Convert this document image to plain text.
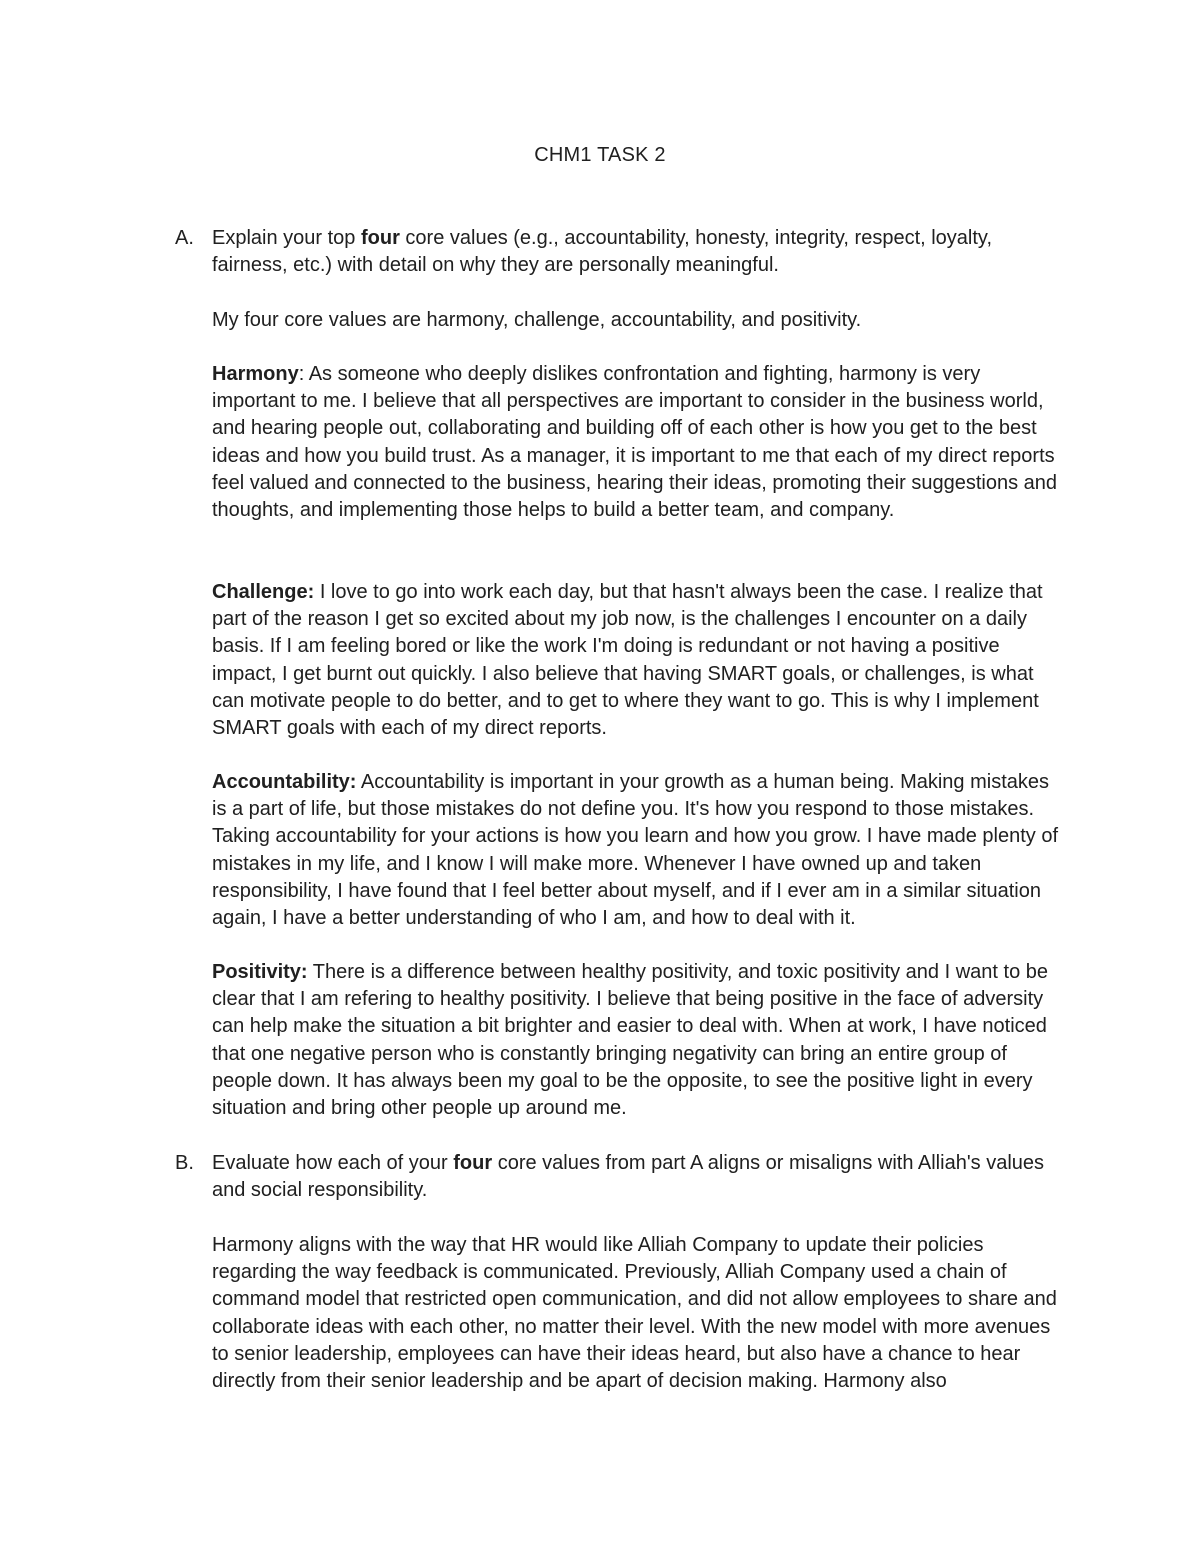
CHM1 TASK 2
A. Explain your top four core values (e.g., accountability, honesty, integrity, respect, loyalty, fairness, etc.) with detail on why they are personally meaningful.

My four core values are harmony, challenge, accountability, and positivity.

Harmony: As someone who deeply dislikes confrontation and fighting, harmony is very important to me. I believe that all perspectives are important to consider in the business world, and hearing people out, collaborating and building off of each other is how you get to the best ideas and how you build trust. As a manager, it is important to me that each of my direct reports feel valued and connected to the business, hearing their ideas, promoting their suggestions and thoughts, and implementing those helps to build a better team, and company.

Challenge: I love to go into work each day, but that hasn't always been the case. I realize that part of the reason I get so excited about my job now, is the challenges I encounter on a daily basis. If I am feeling bored or like the work I'm doing is redundant or not having a positive impact, I get burnt out quickly. I also believe that having SMART goals, or challenges, is what can motivate people to do better, and to get to where they want to go. This is why I implement SMART goals with each of my direct reports.

Accountability: Accountability is important in your growth as a human being. Making mistakes is a part of life, but those mistakes do not define you. It's how you respond to those mistakes. Taking accountability for your actions is how you learn and how you grow. I have made plenty of mistakes in my life, and I know I will make more. Whenever I have owned up and taken responsibility, I have found that I feel better about myself, and if I ever am in a similar situation again, I have a better understanding of who I am, and how to deal with it.

Positivity: There is a difference between healthy positivity, and toxic positivity and I want to be clear that I am refering to healthy positivity. I believe that being positive in the face of adversity can help make the situation a bit brighter and easier to deal with. When at work, I have noticed that one negative person who is constantly bringing negativity can bring an entire group of people down. It has always been my goal to be the opposite, to see the positive light in every situation and bring other people up around me.

B. Evaluate how each of your four core values from part A aligns or misaligns with Alliah's values and social responsibility.

Harmony aligns with the way that HR would like Alliah Company to update their policies regarding the way feedback is communicated. Previously, Alliah Company used a chain of command model that restricted open communication, and did not allow employees to share and collaborate ideas with each other, no matter their level. With the new model with more avenues to senior leadership, employees can have their ideas heard, but also have a chance to hear directly from their senior leadership and be apart of decision making. Harmony also
